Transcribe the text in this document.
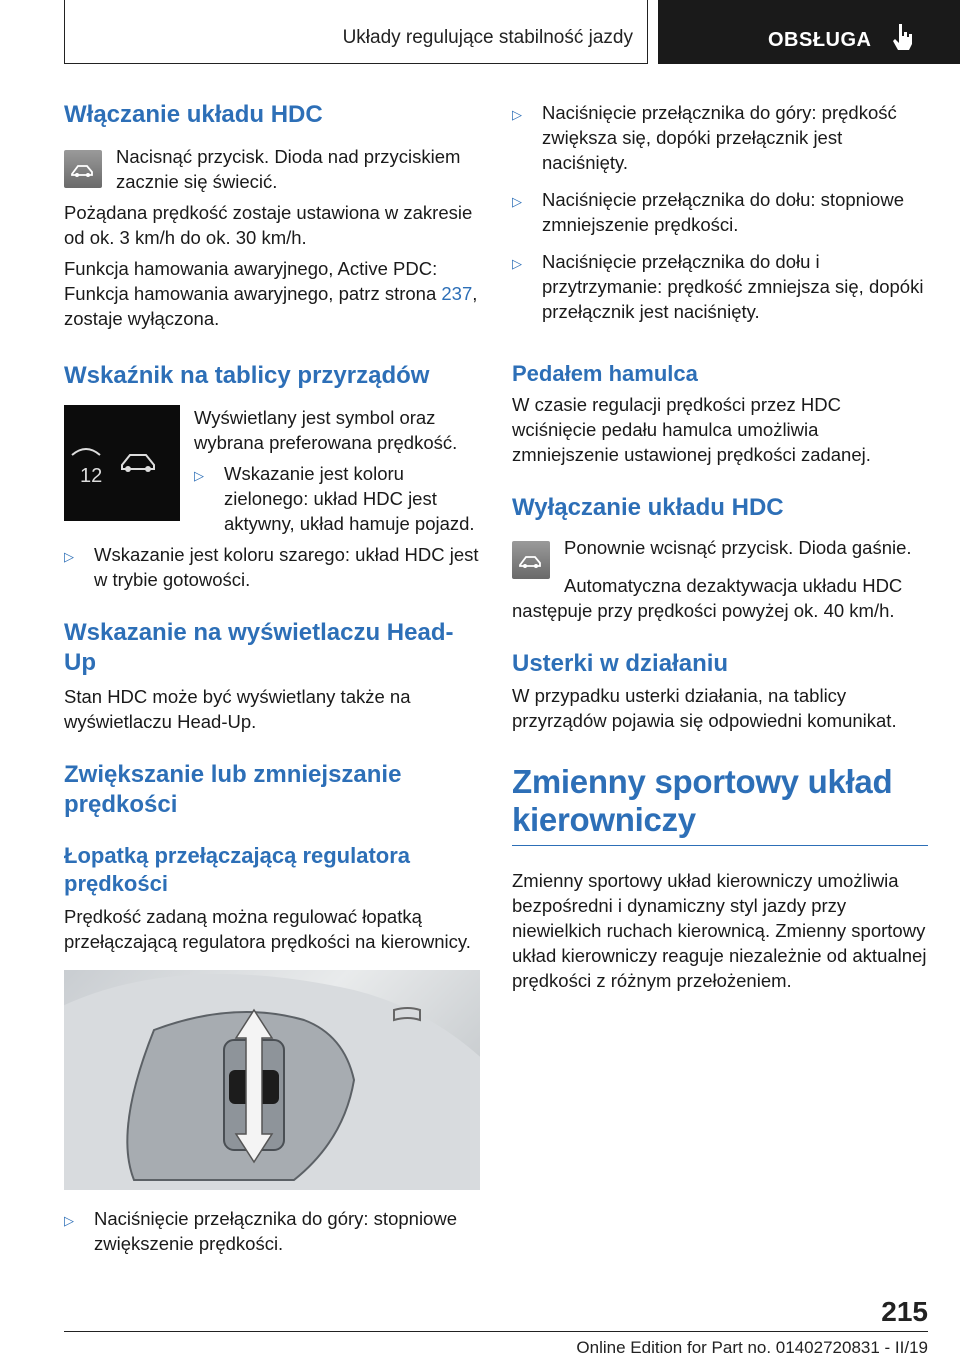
Układy regulujące stabilność jazdy	OBSŁUGA
Włączanie układu HDC

Nacisnąć przycisk. Dioda nad przyciskiem zacznie się świecić.

Pożądana prędkość zostaje ustawiona w zakresie od ok. 3 km/h do ok. 30 km/h.

Funkcja hamowania awaryjnego, Active PDC: Funkcja hamowania awaryjnego, patrz strona 237, zostaje wyłączona.

Wskaźnik na tablicy przyrządów
12

Wyświetlany jest symbol oraz wybrana preferowana prędkość.

▷	Wskazanie jest koloru zielonego: układ HDC jest aktywny, układ hamuje pojazd.
▷	Wskazanie jest koloru szarego: układ HDC jest w trybie gotowości.
Wskazanie na wyświetlaczu Head-Up

Stan HDC może być wyświetlany także na wyświetlaczu Head-Up.

Zwiększanie lub zmniejszanie prędkości
Łopatką przełączającą regulatora prędkości

Prędkość zadaną można regulować łopatką przełączającą regulatora prędkości na kierownicy.

▷	Naciśnięcie przełącznika do góry: stopniowe zwiększenie prędkości.
▷	Naciśnięcie przełącznika do góry: prędkość zwiększa się, dopóki przełącznik jest naciśnięty.
▷	Naciśnięcie przełącznika do dołu: stopniowe zmniejszenie prędkości.
▷	Naciśnięcie przełącznika do dołu i przytrzymanie: prędkość zmniejsza się, dopóki przełącznik jest naciśnięty.
Pedałem hamulca

W czasie regulacji prędkości przez HDC wciśnięcie pedału hamulca umożliwia zmniejszenie ustawionej prędkości zadanej.

Wyłączanie układu HDC

Ponownie wcisnąć przycisk. Dioda gaśnie.

Automatyczna dezaktywacja układu HDC następuje przy prędkości powyżej ok. 40 km/h.

Usterki w działaniu

W przypadku usterki działania, na tablicy przyrządów pojawia się odpowiedni komunikat.

Zmienny sportowy układ kierowniczy

Zmienny sportowy układ kierowniczy umożliwia bezpośredni i dynamiczny styl jazdy przy niewielkich ruchach kierownicą. Zmienny sportowy układ kierowniczy reaguje niezależnie od aktualnej prędkości z różnym przełożeniem.

215
Online Edition for Part no. 01402720831 - II/19
